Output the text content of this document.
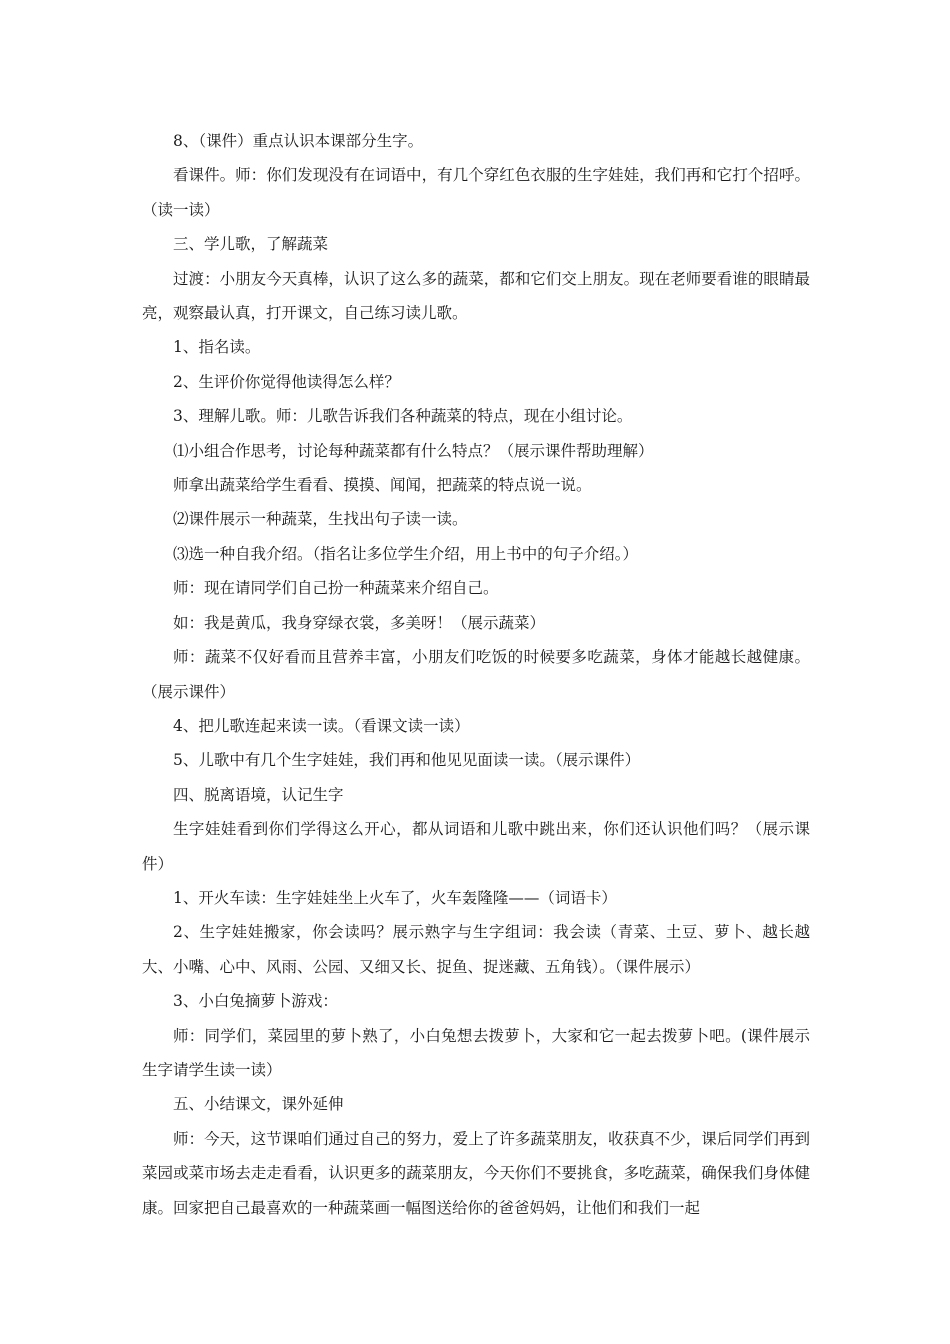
8、（课件）重点认识本课部分生字。

看课件。师：你们发现没有在词语中，有几个穿红色衣服的生字娃娃，我们再和它打个招呼。（读一读）

三、学儿歌，了解蔬菜

过渡：小朋友今天真棒，认识了这么多的蔬菜，都和它们交上朋友。现在老师要看谁的眼睛最亮，观察最认真，打开课文，自己练习读儿歌。

1、指名读。

2、生评价你觉得他读得怎么样？

3、理解儿歌。师：儿歌告诉我们各种蔬菜的特点，现在小组讨论。

⑴小组合作思考，讨论每种蔬菜都有什么特点？（展示课件帮助理解）

师拿出蔬菜给学生看看、摸摸、闻闻，把蔬菜的特点说一说。

⑵课件展示一种蔬菜，生找出句子读一读。

⑶选一种自我介绍。（指名让多位学生介绍，用上书中的句子介绍。）

师：现在请同学们自己扮一种蔬菜来介绍自己。

如：我是黄瓜，我身穿绿衣裳，多美呀！（展示蔬菜）

师：蔬菜不仅好看而且营养丰富，小朋友们吃饭的时候要多吃蔬菜，身体才能越长越健康。（展示课件）

4、把儿歌连起来读一读。（看课文读一读）

5、儿歌中有几个生字娃娃，我们再和他见见面读一读。（展示课件）

四、脱离语境，认记生字

生字娃娃看到你们学得这么开心，都从词语和儿歌中跳出来，你们还认识他们吗？（展示课件）

1、开火车读：生字娃娃坐上火车了，火车轰隆隆——（词语卡）

2、生字娃娃搬家，你会读吗？展示熟字与生字组词：我会读（青菜、土豆、萝卜、越长越大、小嘴、心中、风雨、公园、又细又长、捉鱼、捉迷藏、五角钱）。（课件展示）

3、小白兔摘萝卜游戏：

师：同学们，菜园里的萝卜熟了，小白兔想去拨萝卜，大家和它一起去拨萝卜吧。(课件展示生字请学生读一读）

五、小结课文，课外延伸

师：今天，这节课咱们通过自己的努力，爱上了许多蔬菜朋友，收获真不少，课后同学们再到菜园或菜市场去走走看看，认识更多的蔬菜朋友，今天你们不要挑食，多吃蔬菜，确保我们身体健康。回家把自己最喜欢的一种蔬菜画一幅图送给你的爸爸妈妈，让他们和我们一起
